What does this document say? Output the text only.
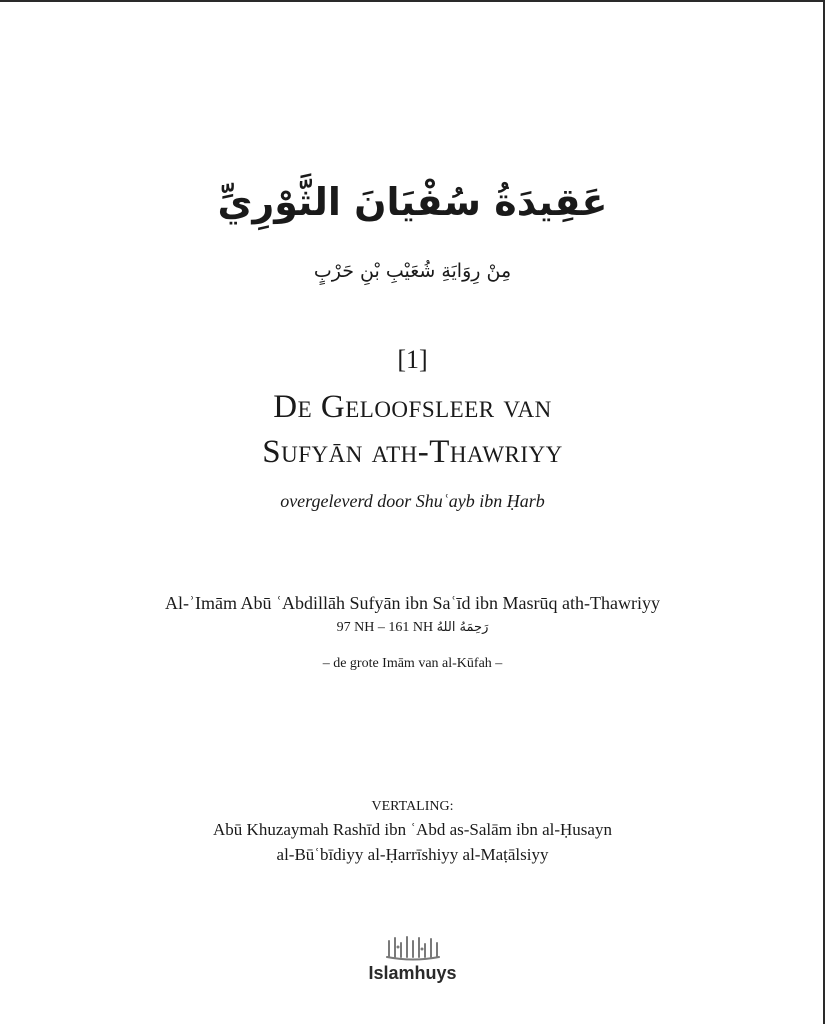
عَقِيدَةُ سُفْيَانَ الثَّوْرِيِّ
مِنْ رِوَايَةِ شُعَيْبِ بْنِ حَرْبٍ
[1]
De Geloofsleer van
Sufyān ath-Thawriyy
overgeleverd door Shuʿayb ibn Ḥarb
Al-ʾImām Abū ʿAbdillāh Sufyān ibn Saʿīd ibn Masrūq ath-Thawriyy
97 NH – 161 NH رَحِمَهُ اللهُ
– de grote Imām van al-Kūfah –
VERTALING:
Abū Khuzaymah Rashīd ibn ʿAbd as-Salām ibn al-Ḥusayn
al-Būʿbīdiyy al-Ḥarrīshiyy al-Maṭālsiyy
Islamhuys
